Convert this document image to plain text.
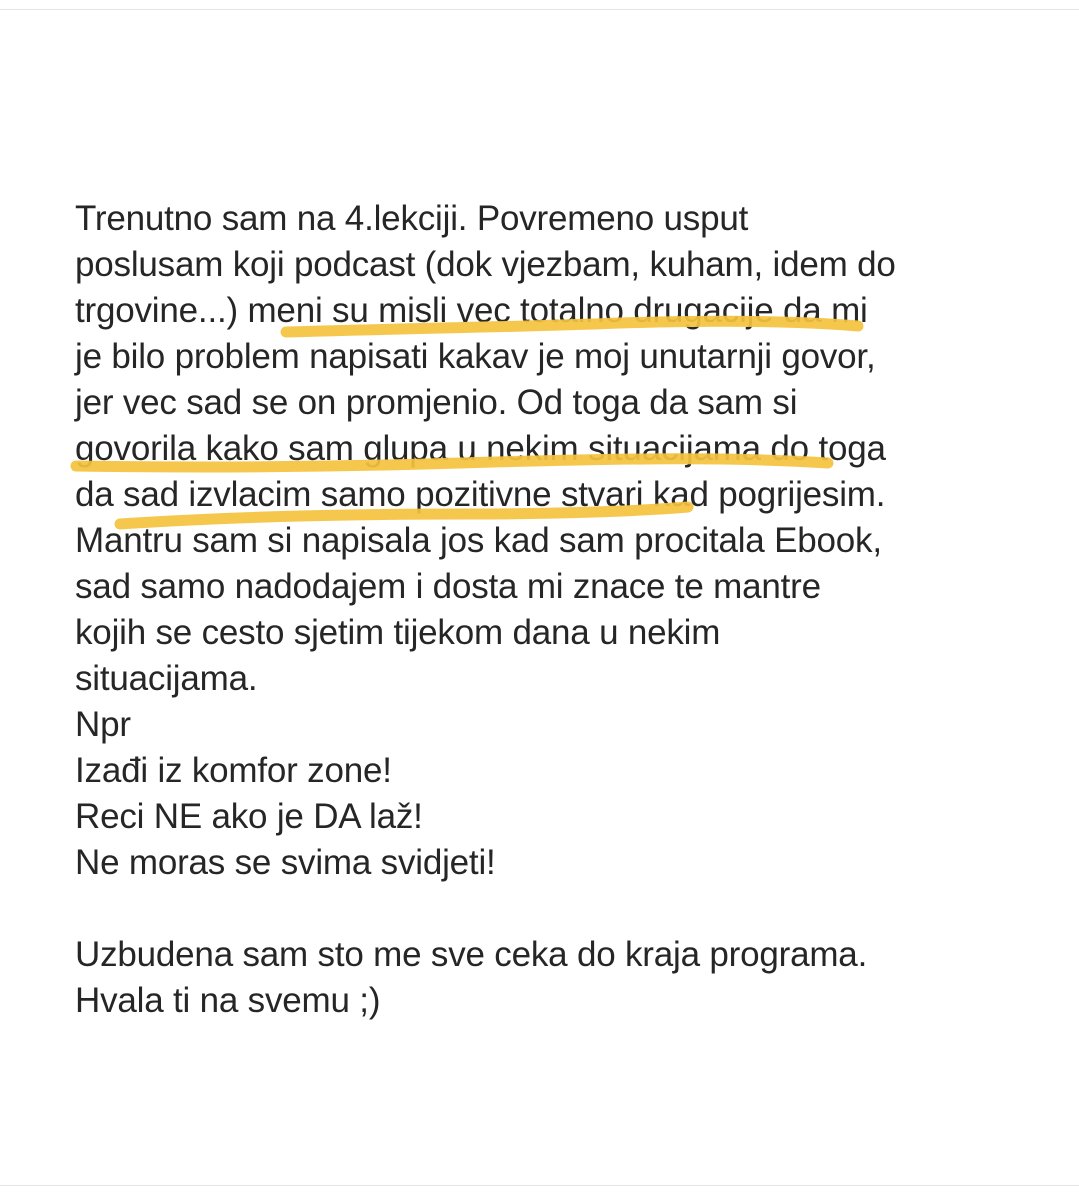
Trenutno sam na 4.lekciji. Povremeno usput
poslusam koji podcast (dok vjezbam, kuham, idem do
trgovine...) meni su misli vec totalno drugacije da mi
je bilo problem napisati kakav je moj unutarnji govor,
jer vec sad se on promjenio. Od toga da sam si
govorila kako sam glupa u nekim situacijama do toga
da sad izvlacim samo pozitivne stvari kad pogrijesim.
Mantru sam si napisala jos kad sam procitala Ebook,
sad samo nadodajem i dosta mi znace te mantre
kojih se cesto sjetim tijekom dana u nekim
situacijama.
Npr
Izađi iz komfor zone!
Reci NE ako je DA laž!
Ne moras se svima svidjeti!
Uzbudena sam sto me sve ceka do kraja programa.
Hvala ti na svemu ;)
